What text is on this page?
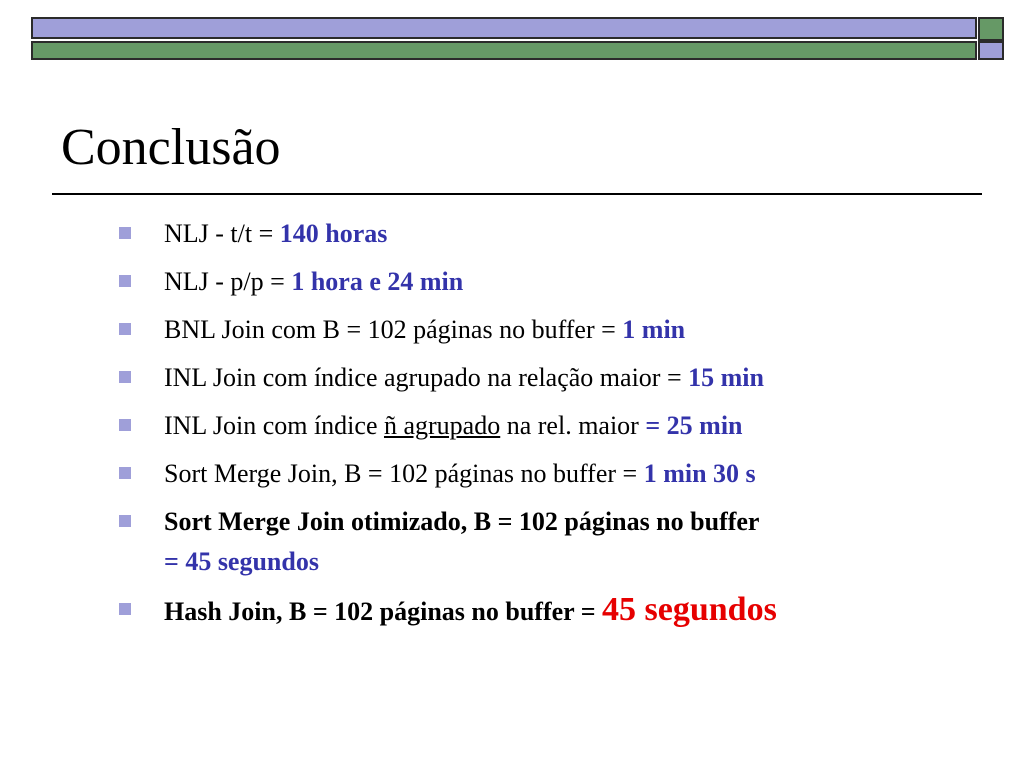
Conclusão
NLJ - t/t = 140 horas
NLJ - p/p = 1 hora e 24 min
BNL Join com B = 102 páginas no buffer = 1 min
INL Join com índice agrupado na relação maior = 15 min
INL Join com índice ñ agrupado na rel. maior = 25 min
Sort Merge Join, B = 102 páginas no buffer = 1 min 30 s
Sort Merge Join otimizado, B = 102 páginas no buffer
= 45 segundos
Hash Join, B = 102 páginas no buffer = 45 segundos
